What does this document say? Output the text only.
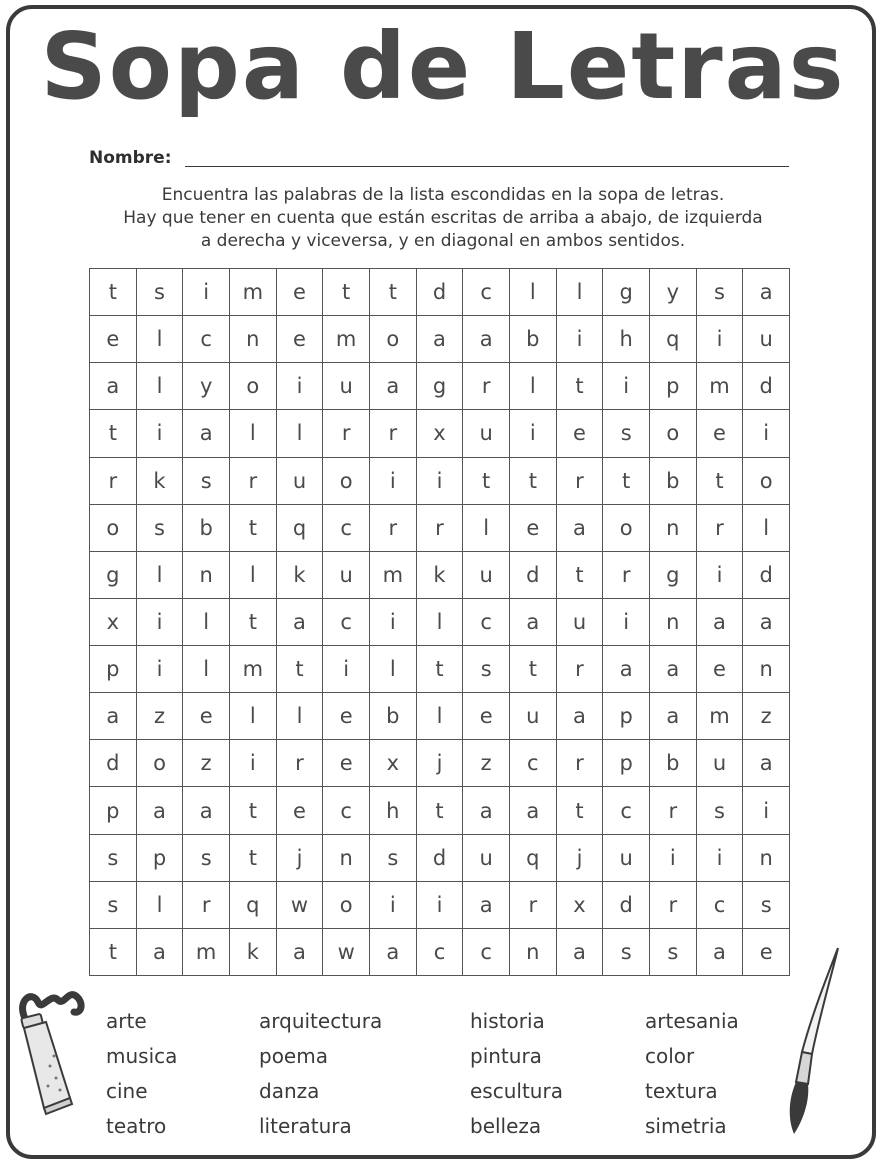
Sopa de Letras
Nombre:
Encuentra las palabras de la lista escondidas en la sopa de letras.
Hay que tener en cuenta que están escritas de arriba a abajo, de izquierda
a derecha y viceversa, y en diagonal en ambos sentidos.
t	s	i	m	e	t	t	d	c	l	l	g	y	s	a
e	l	c	n	e	m	o	a	a	b	i	h	q	i	u
a	l	y	o	i	u	a	g	r	l	t	i	p	m	d
t	i	a	l	l	r	r	x	u	i	e	s	o	e	i
r	k	s	r	u	o	i	i	t	t	r	t	b	t	o
o	s	b	t	q	c	r	r	l	e	a	o	n	r	l
g	l	n	l	k	u	m	k	u	d	t	r	g	i	d
x	i	l	t	a	c	i	l	c	a	u	i	n	a	a
p	i	l	m	t	i	l	t	s	t	r	a	a	e	n
a	z	e	l	l	e	b	l	e	u	a	p	a	m	z
d	o	z	i	r	e	x	j	z	c	r	p	b	u	a
p	a	a	t	e	c	h	t	a	a	t	c	r	s	i
s	p	s	t	j	n	s	d	u	q	j	u	i	i	n
s	l	r	q	w	o	i	i	a	r	x	d	r	c	s
t	a	m	k	a	w	a	c	c	n	a	s	s	a	e
arte
musica
cine
teatro
arquitectura
poema
danza
literatura
historia
pintura
escultura
belleza
artesania
color
textura
simetria
